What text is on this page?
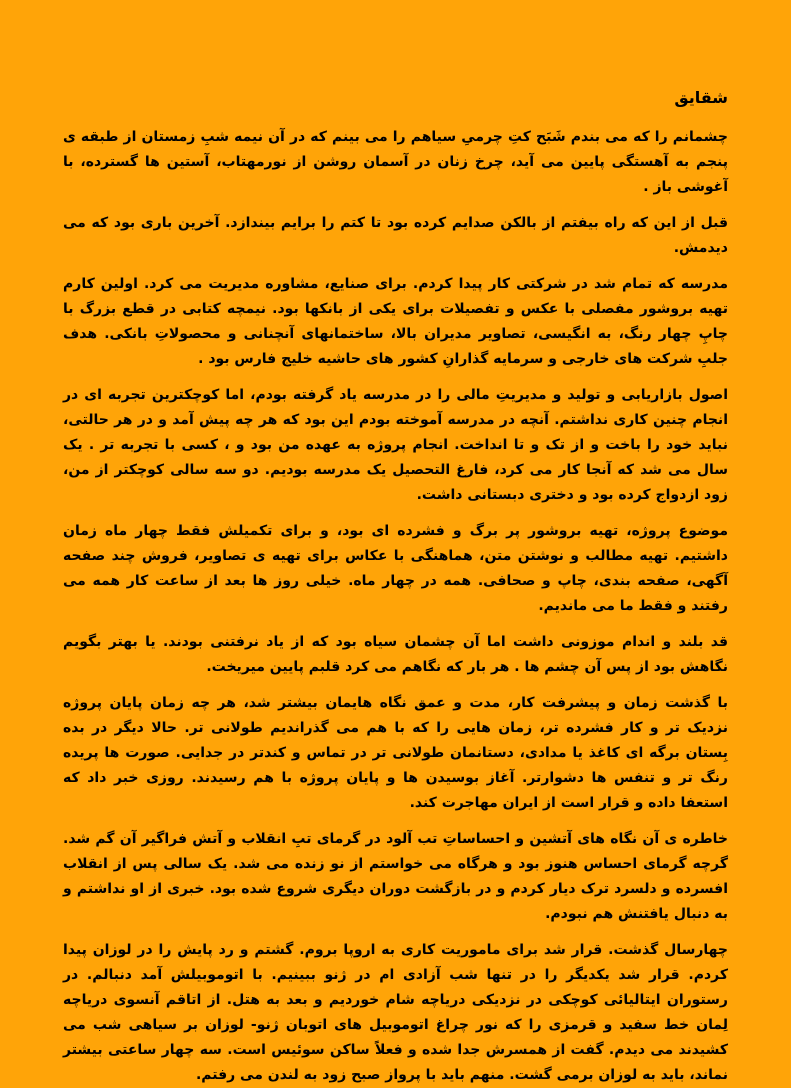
شقایق

چشمانم را که می بندم شَبَح کتِ چرمیِ سیاهم را می بینم که در آن نیمه شبِ زمستان از طبقه ی پنجم به آهستگی پایین می آید، چرخ زنان در آسمان روشن از نورمهتاب، آستین ها گسترده، با آغوشی باز .

قبل از این که راه بیفتم از بالکن صدایم کرده بود تا کتم را برایم بیندازد. آخرین باری بود که می دیدمش.

مدرسه که تمام شد در شرکتی کار پیدا کردم. برای صنایع، مشاوره مدیریت می کرد. اولین کارم تهیه بروشور مفصلی با عکس و تفصیلات برای یکی از بانکها بود. نیمچه کتابی در قطع بزرگ با چاپِ چهار رنگ، به انگیسی، تصاویر مدیران بالا، ساختمانهای آنچنانی و محصولاتِ بانکی. هدف جلبِ شرکت های خارجی و سرمایه گذارانِ کشور های حاشیه خلیج فارس بود .

اصول بازاریابی و تولید و مدیریتِ مالی را در مدرسه یاد گرفته بودم، اما کوچکترین تجربه ای در انجام چنین کاری نداشتم. آنچه در مدرسه آموخته بودم این بود که هر چه پیش آمد و در هر حالتی، نباید خود را باخت و از تک و تا انداخت. انجام پروژه به عهده من بود و ، کسی با تجربه تر . یک سال می شد که آنجا کار می کرد، فارغ التحصیل یک مدرسه بودیم. دو سه سالی کوچکتر از من، زود ازدواج کرده بود و دختری دبستانی داشت.

موضوع پروژه، تهیه بروشور پر برگ و فشرده ای بود، و برای تکمیلش فقط چهار ماه زمان داشتیم. تهیه مطالب و نوشتن متن، هماهنگی با عکاس برای تهیه ی تصاویر، فروش چند صفحه آگهی، صفحه بندی، چاپ و صحافی. همه در چهار ماه. خیلی روز ها بعد از ساعت کار همه می رفتند و فقط ما می ماندیم.

قد بلند و اندام موزونی داشت اما آن چشمان سیاه بود که از یاد نرفتنی بودند. یا بهتر بگویم نگاهش بود از پس آن چشم ها . هر بار که نگاهم می کرد قلبم پایین میریخت.

با گذشت زمان و پیشرفت کار، مدت و عمق نگاه هایمان بیشتر شد، هر چه زمان پایان پروژه نزدیک تر و کار فشرده تر، زمان هایی را که با هم می گذراندیم طولانی تر. حالا دیگر در بده بِستان برگه ای کاغذ یا مدادی، دستانمان طولانی تر در تماس و کندتر در جدایی. صورت ها پریده رنگ تر و تنفس ها دشوارتر. آغاز بوسیدن ها و پایان پروژه با هم رسیدند. روزی خبر داد که استعفا داده و قرار است از ایران مهاجرت کند.

خاطره ی آن نگاه های آتشین و احساساتِ تب آلود در گرمای تبِ انقلاب و آتش فراگیر آن گم شد. گرچه گرمای احساس هنوز بود و هرگاه می خواستم از نو زنده می شد. یک سالی پس از انقلاب افسرده و دلسرد ترک دیار کردم و در بازگشت دوران دیگری شروع شده بود. خبری از او نداشتم و به دنبال یافتنش هم نبودم.

چهارسال گذشت. قرار شد برای ماموریت کاری به اروپا بروم. گشتم و رد پایش را در لوزان پیدا کردم. قرار شد یکدیگر را در تنها شب آزادی ام در ژنو ببینیم. با اتوموبیلش آمد دنبالم. در رستوران ایتالیائی کوچکی در نزدیکی دریاچه شام خوردیم و بعد به هتل. از اتاقم آنسوی دریاچه لِمان خط سفید و قرمزی را که نور چراغ اتوموبیل های اتوبان ژنو- لوزان بر سیاهی شب می کشیدند می دیدم. گفت از همسرش جدا شده و فعلاً ساکن سوئیس است. سه چهار ساعتی بیشتر نماند، باید به لوزان برمی گشت. منهم باید با پرواز صبح زود به لندن می رفتم.
